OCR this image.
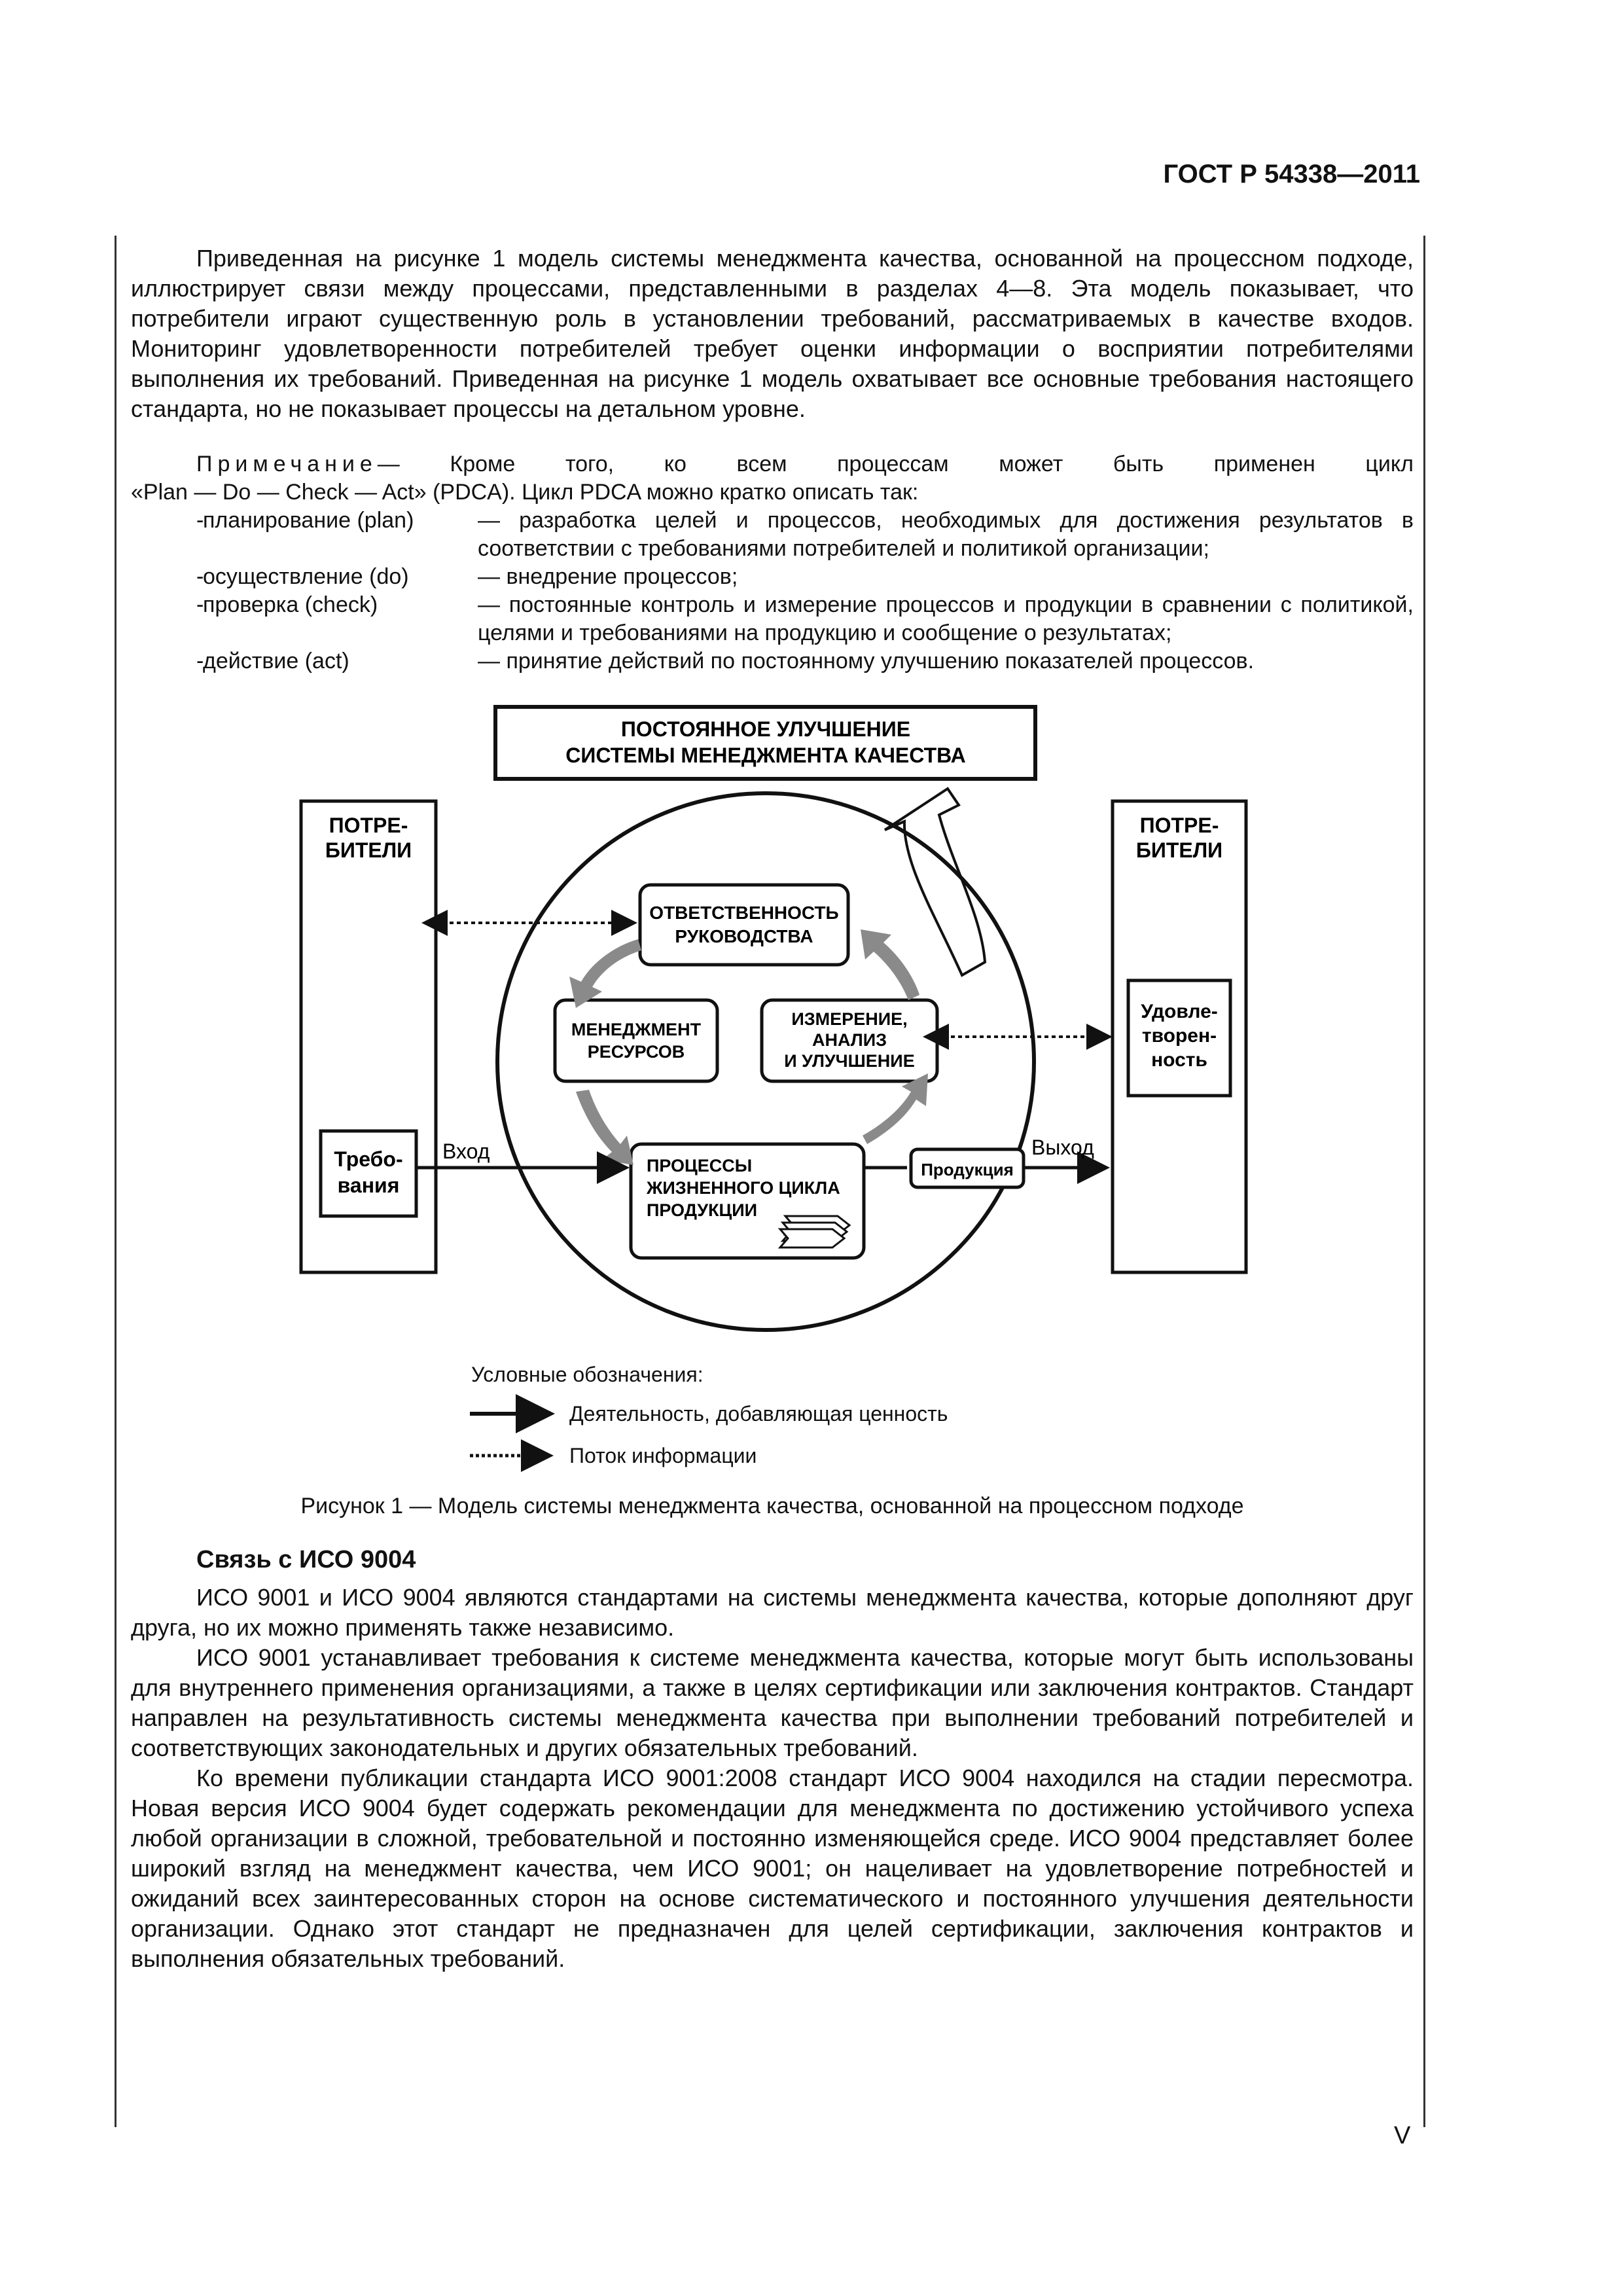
ГОСТ Р 54338—2011

Приведенная на рисунке 1 модель системы менеджмента качества, основанной на процессном подходе, иллюстрирует связи между процессами, представленными в разделах 4—8. Эта модель показывает, что потребители играют существенную роль в установлении требований, рассматриваемых в качестве входов. Мониторинг удовлетворенности потребителей требует оценки информации о восприятии потребителями выполнения их требований. Приведенная на рисунке 1 модель охватывает все основные требования настоящего стандарта, но не показывает процессы на детальном уровне.

Примечание— Кроме того, ко всем процессам может быть применен цикл
«Plan — Do — Check — Act» (PDCA). Цикл PDCA можно кратко описать так:
-
планирование (plan)	— разработка целей и процессов, необходимых для достижения результатов в соответствии с требованиями потребителей и политикой организации;
-
осуществление (do)	— внедрение процессов;
-
проверка (check)	— постоянные контроль и измерение процессов и продукции в сравнении с политикой, целями и требованиями на продукцию и сообщение о результатах;
-
действие (act)	— принятие действий по постоянному улучшению показателей процессов.
ПОСТОЯННОЕ УЛУЧШЕНИЕ
СИСТЕМЫ МЕНЕДЖМЕНТА КАЧЕСТВА
ПОТРЕ-
БИТЕЛИ
Требо-
вания
ПОТРЕ-
БИТЕЛИ
Удовле-
творен-
ность
ОТВЕТСТВЕННОСТЬ
РУКОВОДСТВА
МЕНЕДЖМЕНТ
РЕСУРСОВ
ИЗМЕРЕНИЕ,
АНАЛИЗ
И УЛУЧШЕНИЕ
ПРОЦЕССЫ
ЖИЗНЕННОГО ЦИКЛА
ПРОДУКЦИИ
Продукция
Вход	Выход
Условные обозначения:
Деятельность, добавляющая ценность
Поток информации
Рисунок 1 — Модель системы менеджмента качества, основанной на процессном подходе
Связь с ИСО 9004

ИСО 9001 и ИСО 9004 являются стандартами на системы менеджмента качества, которые дополняют друг друга, но их можно применять также независимо.

ИСО 9001 устанавливает требования к системе менеджмента качества, которые могут быть использованы для внутреннего применения организациями, а также в целях сертификации или заключения контрактов. Стандарт направлен на результативность системы менеджмента качества при выполнении требований потребителей и соответствующих законодательных и других обязательных требований.

Ко времени публикации стандарта ИСО 9001:2008 стандарт ИСО 9004 находился на стадии пересмотра. Новая версия ИСО 9004 будет содержать рекомендации для менеджмента по достижению устойчивого успеха любой организации в сложной, требовательной и постоянно изменяющейся среде. ИСО 9004 представляет более широкий взгляд на менеджмент качества, чем ИСО 9001; он нацеливает на удовлетворение потребностей и ожиданий всех заинтересованных сторон на основе систематического и постоянного улучшения деятельности организации. Однако этот стандарт не предназначен для целей сертификации, заключения контрактов и выполнения обязательных требований.

V
